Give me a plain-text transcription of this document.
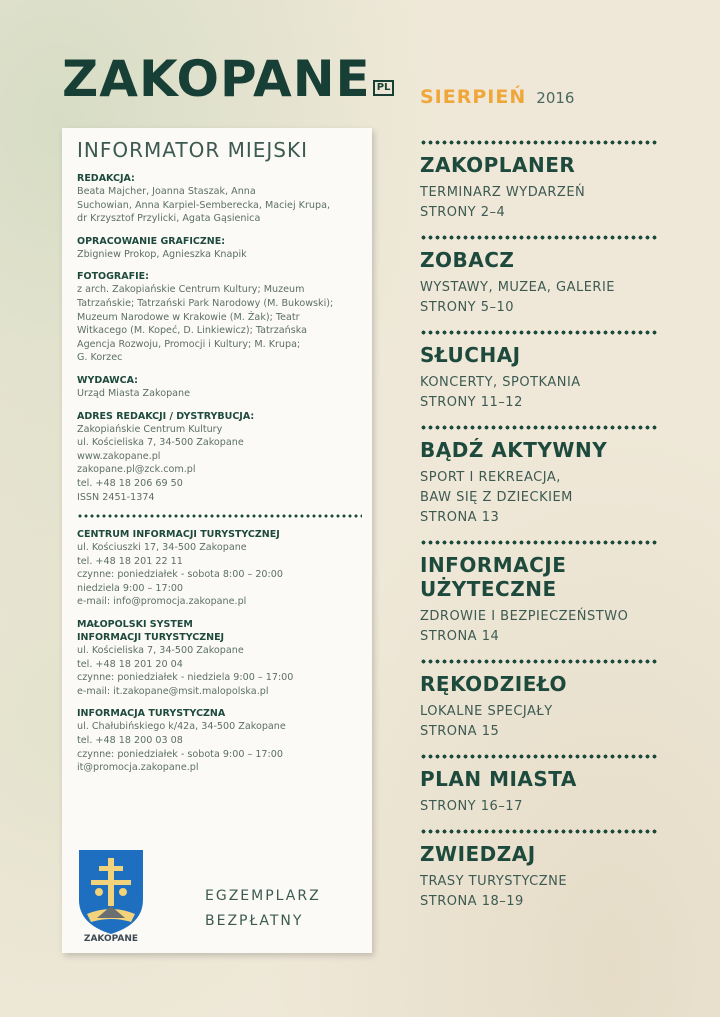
ZAKOPANE PL SIERPIEŃ 2016
INFORMATOR MIEJSKI
REDAKCJA:
Beata Majcher, Joanna Staszak, Anna
Suchowian, Anna Karpiel-Semberecka, Maciej Krupa,
dr Krzysztof Przylicki, Agata Gąsienica
OPRACOWANIE GRAFICZNE:
Zbigniew Prokop, Agnieszka Knapik
FOTOGRAFIE:
z arch. Zakopiańskie Centrum Kultury; Muzeum
Tatrzańskie; Tatrzański Park Narodowy (M. Bukowski);
Muzeum Narodowe w Krakowie (M. Żak); Teatr
Witkacego (M. Kopeć, D. Linkiewicz); Tatrzańska
Agencja Rozwoju, Promocji i Kultury; M. Krupa;
G. Korzec
WYDAWCA:
Urząd Miasta Zakopane
ADRES REDAKCJI / DYSTRYBUCJA:
Zakopiańskie Centrum Kultury
ul. Kościeliska 7, 34-500 Zakopane
www.zakopane.pl
zakopane.pl@zck.com.pl
tel. +48 18 206 69 50
ISSN 2451-1374
CENTRUM INFORMACJI TURYSTYCZNEJ
ul. Kościuszki 17, 34-500 Zakopane
tel. +48 18 201 22 11
czynne: poniedziałek - sobota 8:00 – 20:00
niedziela 9:00 – 17:00
e-mail: info@promocja.zakopane.pl
MAŁOPOLSKI SYSTEM
INFORMACJI TURYSTYCZNEJ
ul. Kościeliska 7, 34-500 Zakopane
tel. +48 18 201 20 04
czynne: poniedziałek - niedziela 9:00 – 17:00
e-mail: it.zakopane@msit.malopolska.pl
INFORMACJA TURYSTYCZNA
ul. Chałubińskiego k/42a, 34-500 Zakopane
tel. +48 18 200 03 08
czynne: poniedziałek - sobota 9:00 – 17:00
it@promocja.zakopane.pl
ZAKOPANE
EGZEMPLARZ
BEZPŁATNY
ZAKOPLANER
TERMINARZ WYDARZEŃ
STRONY 2–4
ZOBACZ
WYSTAWY, MUZEA, GALERIE
STRONY 5–10
SŁUCHAJ
KONCERTY, SPOTKANIA
STRONY 11–12
BĄDŹ AKTYWNY
SPORT I REKREACJA,
BAW SIĘ Z DZIECKIEM
STRONA 13
INFORMACJE
UŻYTECZNE
ZDROWIE I BEZPIECZEŃSTWO
STRONA 14
RĘKODZIEŁO
LOKALNE SPECJAŁY
STRONA 15
PLAN MIASTA
STRONY 16–17
ZWIEDZAJ
TRASY TURYSTYCZNE
STRONA 18–19
